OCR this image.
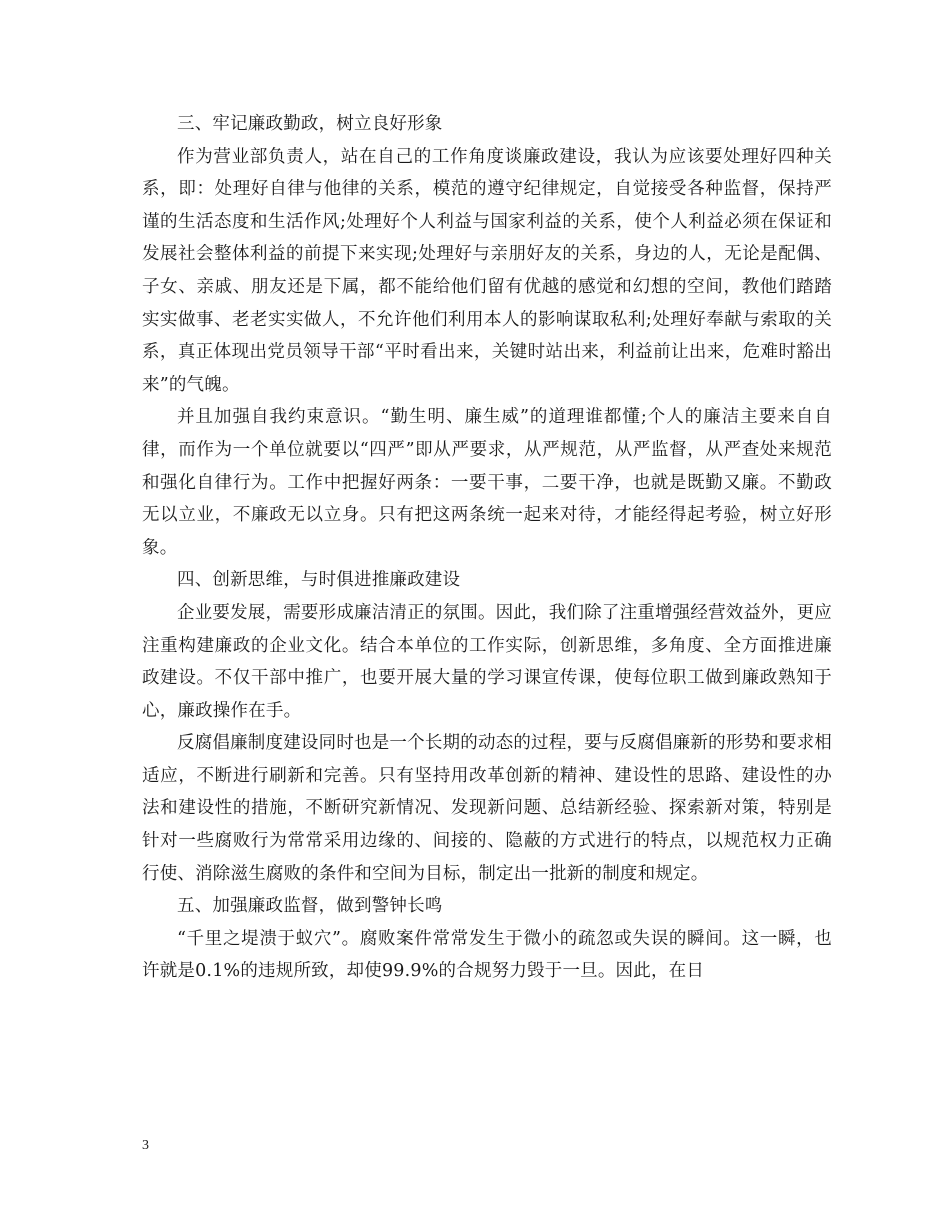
三、牢记廉政勤政，树立良好形象

作为营业部负责人，站在自己的工作角度谈廉政建设，我认为应该要处理好四种关系，即：处理好自律与他律的关系，模范的遵守纪律规定，自觉接受各种监督，保持严谨的生活态度和生活作风;处理好个人利益与国家利益的关系，使个人利益必须在保证和发展社会整体利益的前提下来实现;处理好与亲朋好友的关系，身边的人，无论是配偶、子女、亲戚、朋友还是下属，都不能给他们留有优越的感觉和幻想的空间，教他们踏踏实实做事、老老实实做人，不允许他们利用本人的影响谋取私利;处理好奉献与索取的关系，真正体现出党员领导干部“平时看出来，关键时站出来，利益前让出来，危难时豁出来”的气魄。

并且加强自我约束意识。“勤生明、廉生威”的道理谁都懂;个人的廉洁主要来自自律，而作为一个单位就要以“四严”即从严要求，从严规范，从严监督，从严查处来规范和强化自律行为。工作中把握好两条：一要干事，二要干净，也就是既勤又廉。不勤政无以立业，不廉政无以立身。只有把这两条统一起来对待，才能经得起考验，树立好形象。

四、创新思维，与时俱进推廉政建设

企业要发展，需要形成廉洁清正的氛围。因此，我们除了注重增强经营效益外，更应注重构建廉政的企业文化。结合本单位的工作实际，创新思维，多角度、全方面推进廉政建设。不仅干部中推广，也要开展大量的学习课宣传课，使每位职工做到廉政熟知于心，廉政操作在手。

反腐倡廉制度建设同时也是一个长期的动态的过程，要与反腐倡廉新的形势和要求相适应，不断进行刷新和完善。只有坚持用改革创新的精神、建设性的思路、建设性的办法和建设性的措施，不断研究新情况、发现新问题、总结新经验、探索新对策，特别是针对一些腐败行为常常采用边缘的、间接的、隐蔽的方式进行的特点，以规范权力正确行使、消除滋生腐败的条件和空间为目标，制定出一批新的制度和规定。

五、加强廉政监督，做到警钟长鸣

“千里之堤溃于蚁穴”。腐败案件常常发生于微小的疏忽或失误的瞬间。这一瞬，也许就是0.1%的违规所致，却使99.9%的合规努力毁于一旦。因此，在日

3
